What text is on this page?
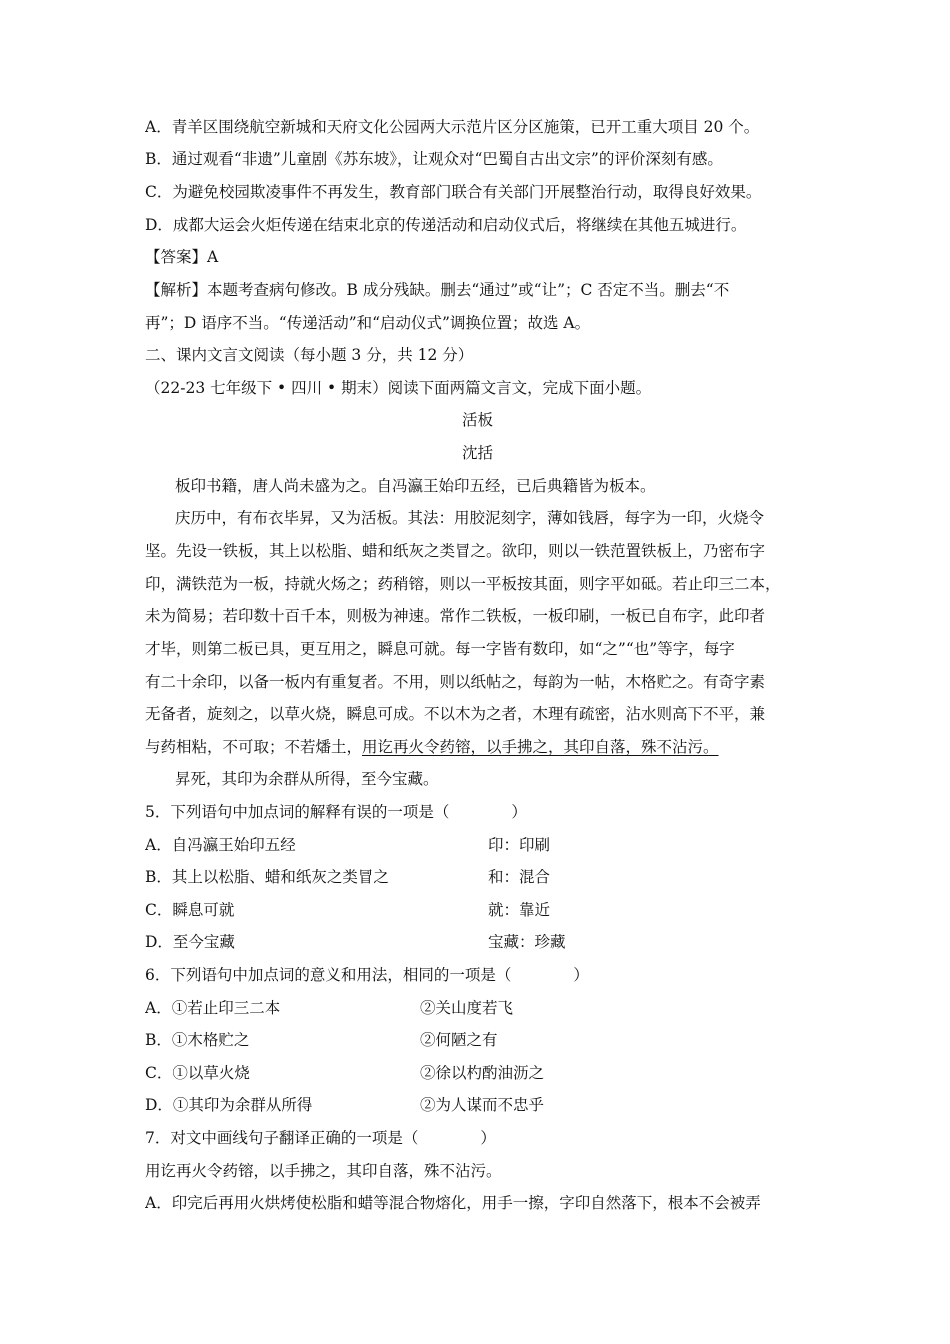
A．青羊区围绕航空新城和天府文化公园两大示范片区分区施策，已开工重大项目 20 个。
B．通过观看“非遗”儿童剧《苏东坡》，让观众对“巴蜀自古出文宗”的评价深刻有感。
C．为避免校园欺凌事件不再发生，教育部门联合有关部门开展整治行动，取得良好效果。
D．成都大运会火炬传递在结束北京的传递活动和启动仪式后，将继续在其他五城进行。
【答案】A
【解析】本题考查病句修改。B 成分残缺。删去“通过”或“让”；C 否定不当。删去“不
再”；D 语序不当。“传递活动”和“启动仪式”调换位置；故选 A。
二、课内文言文阅读（每小题 3 分，共 12 分）
（22-23 七年级下 • 四川 • 期末）阅读下面两篇文言文，完成下面小题。
活板
沈括
板印书籍，唐人尚未盛为之。自冯瀛王始印五经，已后典籍皆为板本。
庆历中，有布衣毕昇，又为活板。其法：用胶泥刻字，薄如钱唇，每字为一印，火烧令
坚。先设一铁板，其上以松脂、蜡和纸灰之类冒之。欲印，则以一铁范置铁板上，乃密布字
印，满铁范为一板，持就火炀之；药稍镕，则以一平板按其面，则字平如砥。若止印三二本，
未为简易；若印数十百千本，则极为神速。常作二铁板，一板印刷，一板已自布字，此印者
才毕，则第二板已具，更互用之，瞬息可就。每一字皆有数印，如“之”“也”等字，每字
有二十余印，以备一板内有重复者。不用，则以纸帖之，每韵为一帖，木格贮之。有奇字素
无备者，旋刻之，以草火烧，瞬息可成。不以木为之者，木理有疏密，沾水则高下不平，兼
与药相粘，不可取；不若燔土，用讫再火令药镕，以手拂之，其印自落，殊不沾污。
昇死，其印为余群从所得，至今宝藏。
5．下列语句中加点词的解释有误的一项是（　　　　）
A．自冯瀛王始印五经	印：印刷
B．其上以松脂、蜡和纸灰之类冒之	和：混合
C．瞬息可就	就：靠近
D．至今宝藏	宝藏：珍藏
6．下列语句中加点词的意义和用法，相同的一项是（　　　　）
A．①若止印三二本	②关山度若飞
B．①木格贮之	②何陋之有
C．①以草火烧	②徐以杓酌油沥之
D．①其印为余群从所得	②为人谋而不忠乎
7．对文中画线句子翻译正确的一项是（　　　　）
用讫再火令药镕，以手拂之，其印自落，殊不沾污。
A．印完后再用火烘烤使松脂和蜡等混合物熔化，用手一擦，字印自然落下，根本不会被弄
